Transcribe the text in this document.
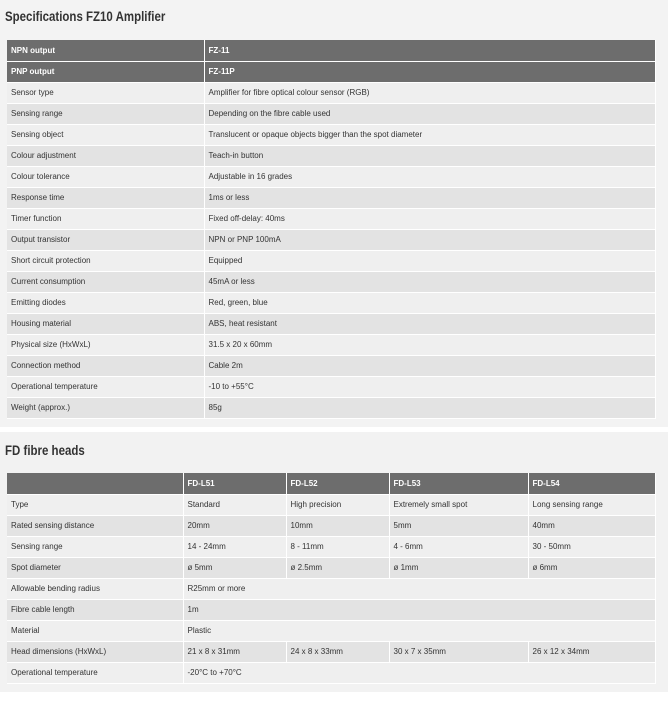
Specifications FZ10 Amplifier
NPN output	FZ-11
PNP output	FZ-11P
Sensor type	Amplifier for fibre optical colour sensor (RGB)
Sensing range	Depending on the fibre cable used
Sensing object	Translucent or opaque objects bigger than the spot diameter
Colour adjustment	Teach-in button
Colour tolerance	Adjustable in 16 grades
Response time	1ms or less
Timer function	Fixed off-delay: 40ms
Output transistor	NPN or PNP 100mA
Short circuit protection	Equipped
Current consumption	45mA or less
Emitting diodes	Red, green, blue
Housing material	ABS, heat resistant
Physical size (HxWxL)	31.5 x 20 x 60mm
Connection method	Cable 2m
Operational temperature	-10 to +55°C
Weight (approx.)	85g
FD fibre heads
	FD-L51	FD-L52	FD-L53	FD-L54
Type	Standard	High precision	Extremely small spot	Long sensing range
Rated sensing distance	20mm	10mm	5mm	40mm
Sensing range	14 - 24mm	8 - 11mm	4 - 6mm	30 - 50mm
Spot diameter	ø 5mm	ø 2.5mm	ø 1mm	ø 6mm
Allowable bending radius	R25mm or more			
Fibre cable length	1m			
Material	Plastic			
Head dimensions (HxWxL)	21 x 8 x 31mm	24 x 8 x 33mm	30 x 7 x 35mm	26 x 12 x 34mm
Operational temperature	-20°C to +70°C			
